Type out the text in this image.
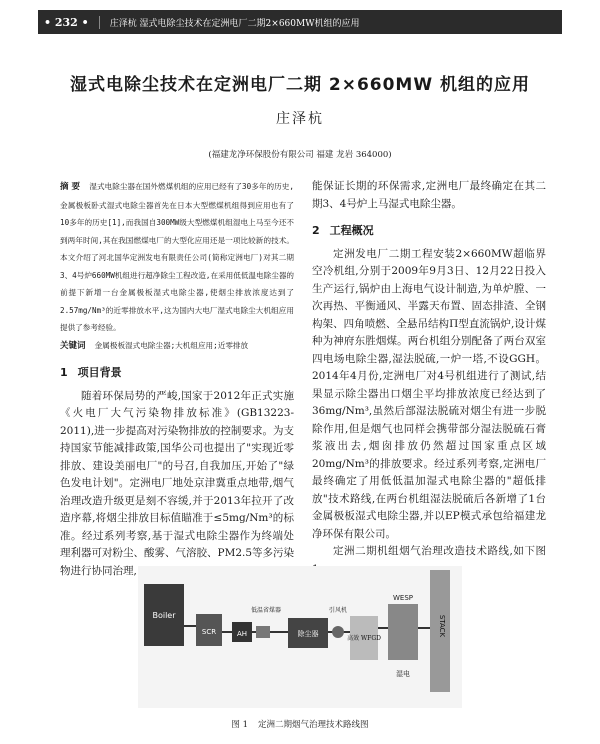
• 232 •	庄泽杭 湿式电除尘技术在定洲电厂二期2×660MW机组的应用
湿式电除尘技术在定洲电厂二期 2×660MW 机组的应用
庄泽杭
(福建龙净环保股份有限公司 福建 龙岩 364000)
摘 要 湿式电除尘器在国外燃煤机组的应用已经有了30多年的历史,金属极板卧式湿式电除尘器首先在日本大型燃煤机组得到应用也有了10多年的历史[1],而我国自300MW级大型燃煤机组湿电上马至今还不到两年时间,其在我国燃煤电厂的大型化应用还是一项比较新的技术。本文介绍了河北国华定洲发电有限责任公司(简称定洲电厂)对其二期3、4号炉660MW机组进行超净除尘工程改造,在采用低低温电除尘器的前提下新增一台金属极板湿式电除尘器,使烟尘排放浓度达到了2.57mg/Nm³的近零排放水平,这为国内大电厂湿式电除尘大机组应用提供了参考经验。
关键词 金属极板湿式电除尘器;大机组应用;近零排放
1 项目背景

随着环保局势的严峻,国家于2012年正式实施《火电厂大气污染物排放标准》(GB13223-2011),进一步提高对污染物排放的控制要求。为支持国家节能减排政策,国华公司也提出了"实现近零排放、建设美丽电厂"的号召,自我加压,开始了"绿色发电计划"。定洲电厂地处京津冀重点地带,烟气治理改造升级更是刻不容缓,并于2013年拉开了改造序幕,将烟尘排放目标值瞄准于≤5mg/Nm³的标准。经过系列考察,基于湿式电除尘器作为终端处理利器可对粉尘、酸雾、气溶胶、PM2.5等多污染物进行协同治理,

能保证长期的环保需求,定洲电厂最终确定在其二期3、4号炉上马湿式电除尘器。

2 工程概况

定洲发电厂二期工程安装2×660MW超临界空冷机组,分别于2009年9月3日、12月22日投入生产运行,锅炉由上海电气设计制造,为单炉膛、一次再热、平衡通风、半露天布置、固态排渣、全钢构架、四角喷燃、全悬吊结构Π型直流锅炉,设计煤种为神府东胜烟煤。两台机组分别配备了两台双室四电场电除尘器,湿法脱硫,一炉一塔,不设GGH。2014年4月份,定洲电厂对4号机组进行了测试,结果显示除尘器出口烟尘平均排放浓度已经达到了36mg/Nm³,虽然后部湿法脱硫对烟尘有进一步脱除作用,但是烟气也同样会携带部分湿法脱硫石膏浆液出去,烟囱排放仍然超过国家重点区域20mg/Nm³的排放要求。经过系列考察,定洲电厂最终确定了用低低温加湿式电除尘器的"超低排放"技术路线,在两台机组湿法脱硫后各新增了1台金属极板湿式电除尘器,并以EP模式承包给福建龙净环保有限公司。

定洲二期机组烟气治理改造技术路线,如下图

Boiler
SCR	AH
低温省煤器
除尘器
引风机
高效 WFGD
WESP
湿电
STACK
图 1 定洲二期烟气治理技术路线图
